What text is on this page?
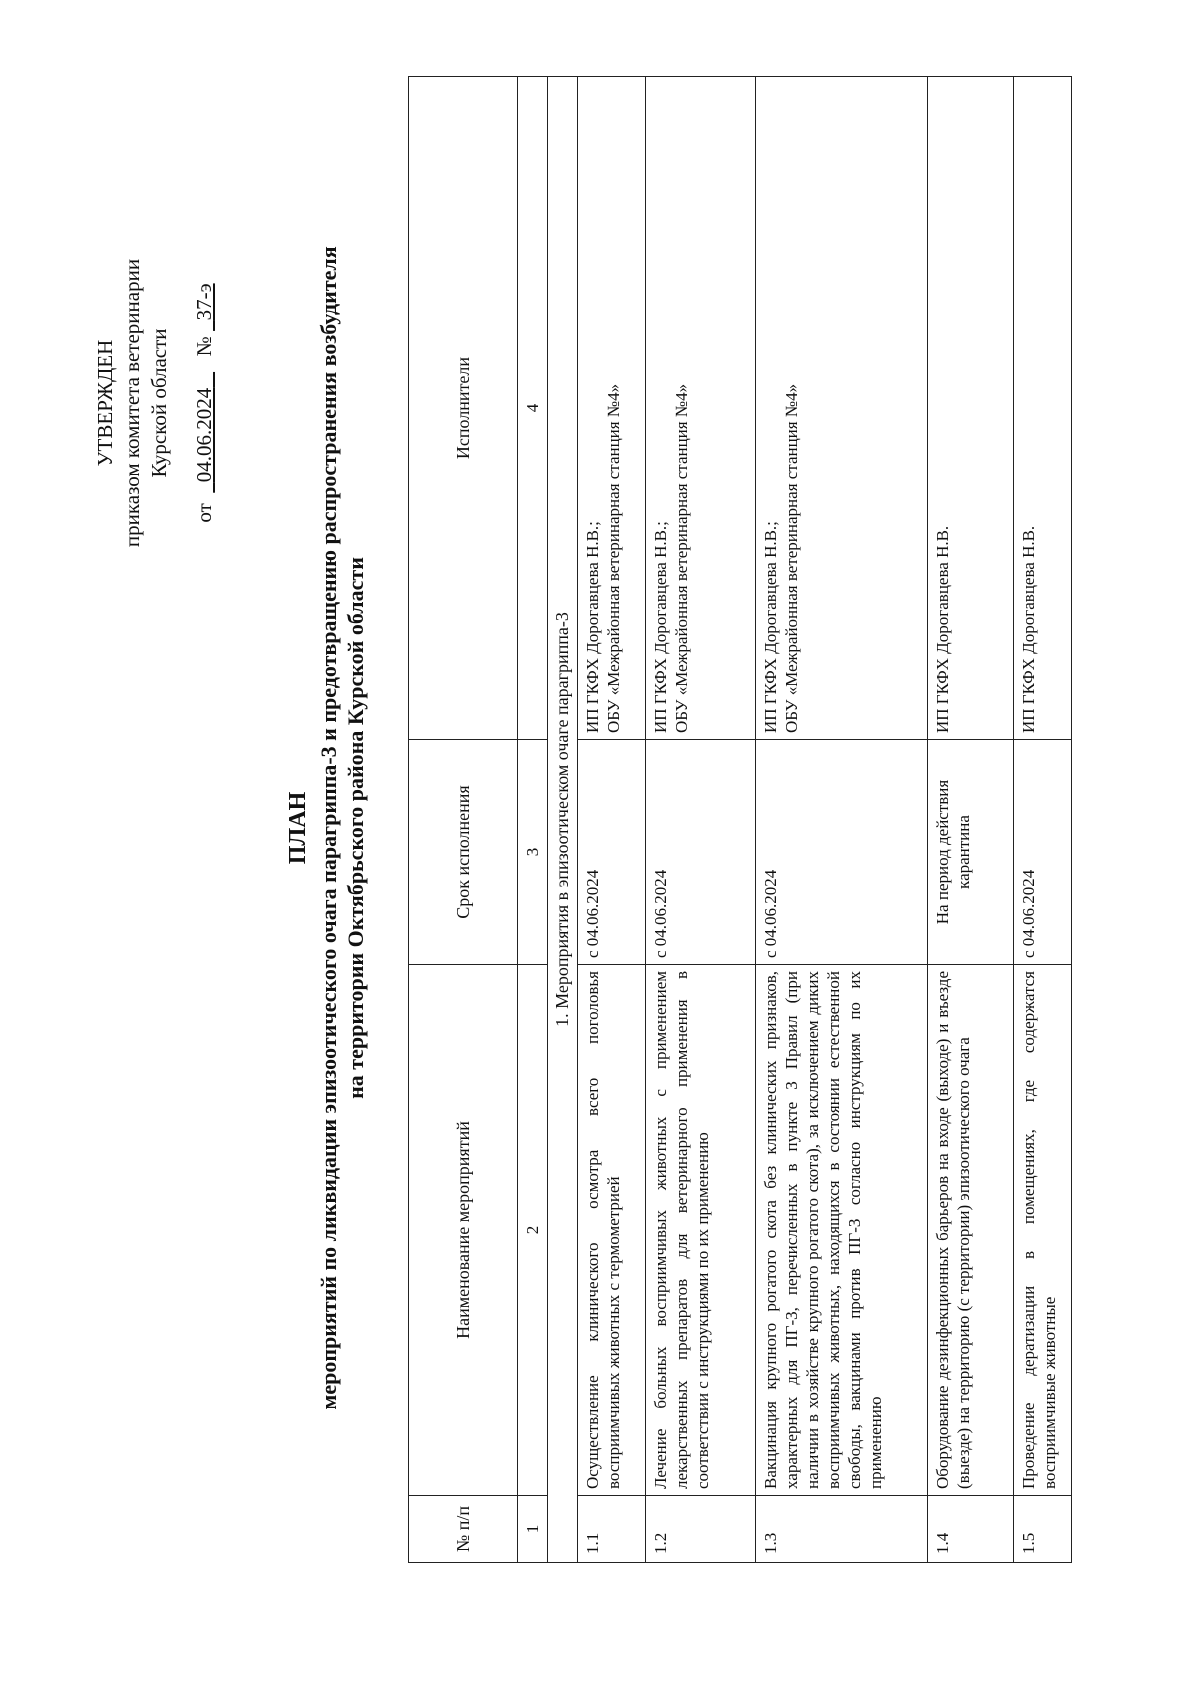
УТВЕРЖДЕН приказом комитета ветеринарии Курской области
от    04.06.2024      №   37-э
ПЛАН мероприятий по ликвидации эпизоотического очага парагриппа-3 и предотвращению распространения возбудителя на территории Октябрьского района Курской области
№ п/п	Наименование мероприятий	Срок исполнения	Исполнители
1	2	3	4
1. Мероприятия в эпизоотическом очаге парагриппа-3			
1.1	Осуществление клинического осмотра всего поголовья восприимчивых животных с термометрией	с 04.06.2024	ИП ГКФХ Дорогавцева Н.В.; ОБУ «Межрайонная ветеринарная станция №4»

1.2	Лечение больных восприимчивых животных с применением лекарственных препаратов для ветеринарного применения в соответствии с инструкциями по их применению	с 04.06.2024	ИП ГКФХ Дорогавцева Н.В.; ОБУ «Межрайонная ветеринарная станция №4»

1.3	Вакцинация крупного рогатого скота без клинических признаков, характерных для ПГ-3, перечисленных в пункте 3 Правил (при наличии в хозяйстве крупного рогатого скота), за исключением диких восприимчивых животных, находящихся в состоянии естественной свободы, вакцинами против ПГ-3 согласно инструкциям по их применению	с 04.06.2024	ИП ГКФХ Дорогавцева Н.В.; ОБУ «Межрайонная ветеринарная станция №4»

1.4	Оборудование дезинфекционных барьеров на входе (выходе) и въезде (выезде) на территорию (с территории) эпизоотического очага	На период действия карантина	ИП ГКФХ Дорогавцева Н.В.

1.5	Проведение дератизации в помещениях, где содержатся восприимчивые животные	с 04.06.2024	ИП ГКФХ Дорогавцева Н.В.
